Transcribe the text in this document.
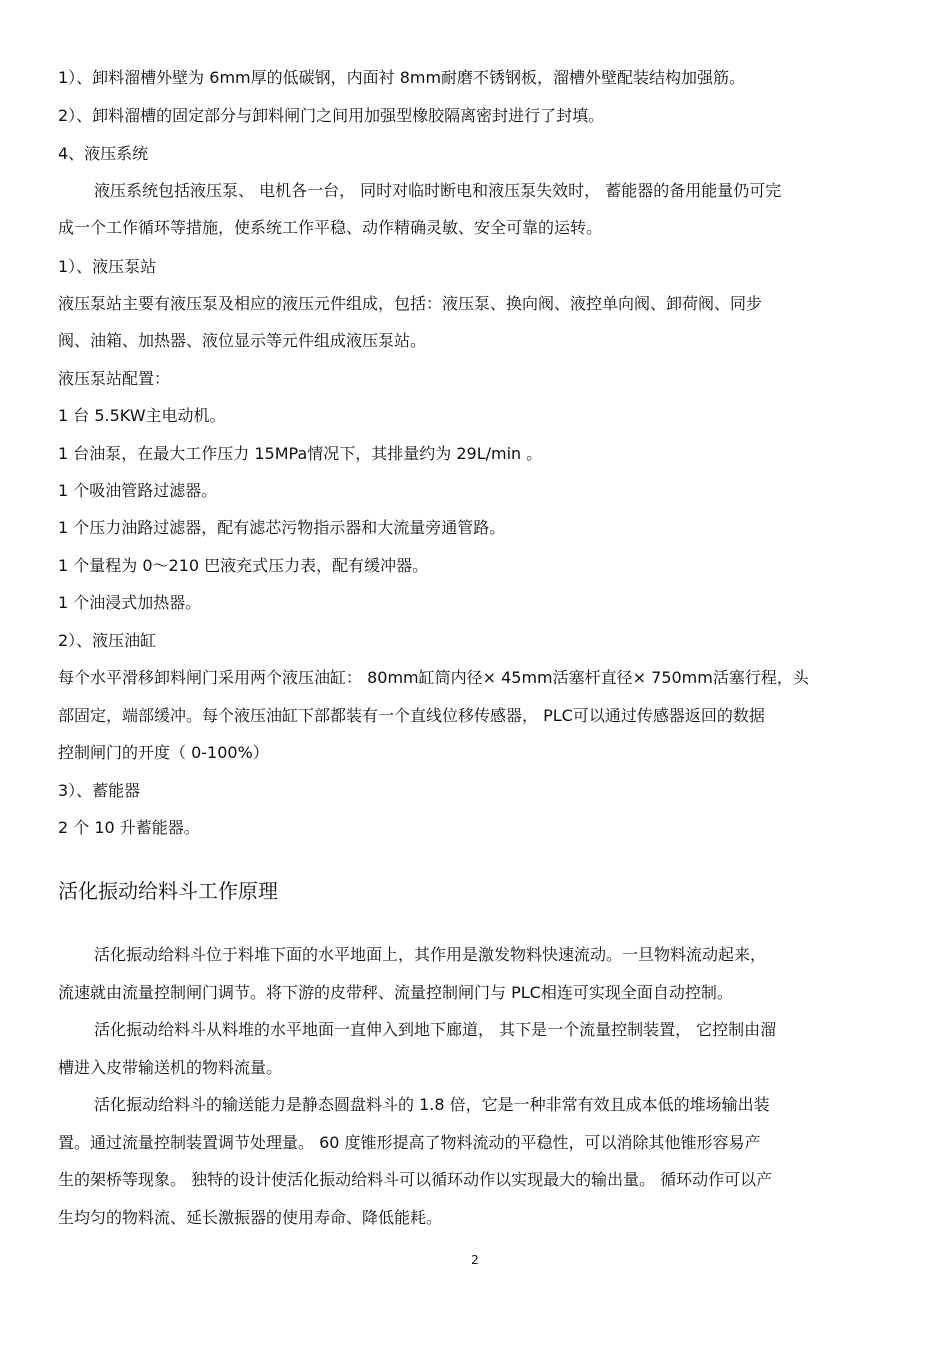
1）、卸料溜槽外壁为 6mm厚的低碳钢，内面衬 8mm耐磨不锈钢板，溜槽外壁配装结构加强筋。
2）、卸料溜槽的固定部分与卸料闸门之间用加强型橡胶隔离密封进行了封填。
4、液压系统
液压系统包括液压泵、 电机各一台， 同时对临时断电和液压泵失效时， 蓄能器的备用能量仍可完
成一个工作循环等措施，使系统工作平稳、动作精确灵敏、安全可靠的运转。
1）、液压泵站
液压泵站主要有液压泵及相应的液压元件组成，包括：液压泵、换向阀、液控单向阀、卸荷阀、同步
阀、油箱、加热器、液位显示等元件组成液压泵站。
液压泵站配置：
1 台 5.5KW主电动机。
1 台油泵，在最大工作压力 15MPa情况下，其排量约为 29L/min 。
1 个吸油管路过滤器。
1 个压力油路过滤器，配有滤芯污物指示器和大流量旁通管路。
1 个量程为 0～210 巴液充式压力表，配有缓冲器。
1 个油浸式加热器。
2）、液压油缸
每个水平滑移卸料闸门采用两个液压油缸： 80mm缸筒内径× 45mm活塞杆直径× 750mm活塞行程，头
部固定，端部缓冲。每个液压油缸下部都装有一个直线位移传感器， PLC可以通过传感器返回的数据
控制闸门的开度（ 0-100%）
3）、蓄能器
2 个 10 升蓄能器。
活化振动给料斗工作原理
活化振动给料斗位于料堆下面的水平地面上，其作用是激发物料快速流动。一旦物料流动起来，
流速就由流量控制闸门调节。将下游的皮带秤、流量控制闸门与 PLC相连可实现全面自动控制。
活化振动给料斗从料堆的水平地面一直伸入到地下廊道， 其下是一个流量控制装置， 它控制由溜
槽进入皮带输送机的物料流量。
活化振动给料斗的输送能力是静态圆盘料斗的 1.8 倍，它是一种非常有效且成本低的堆场输出装
置。通过流量控制装置调节处理量。 60 度锥形提高了物料流动的平稳性，可以消除其他锥形容易产
生的架桥等现象。 独特的设计使活化振动给料斗可以循环动作以实现最大的输出量。 循环动作可以产
生均匀的物料流、延长激振器的使用寿命、降低能耗。
2
